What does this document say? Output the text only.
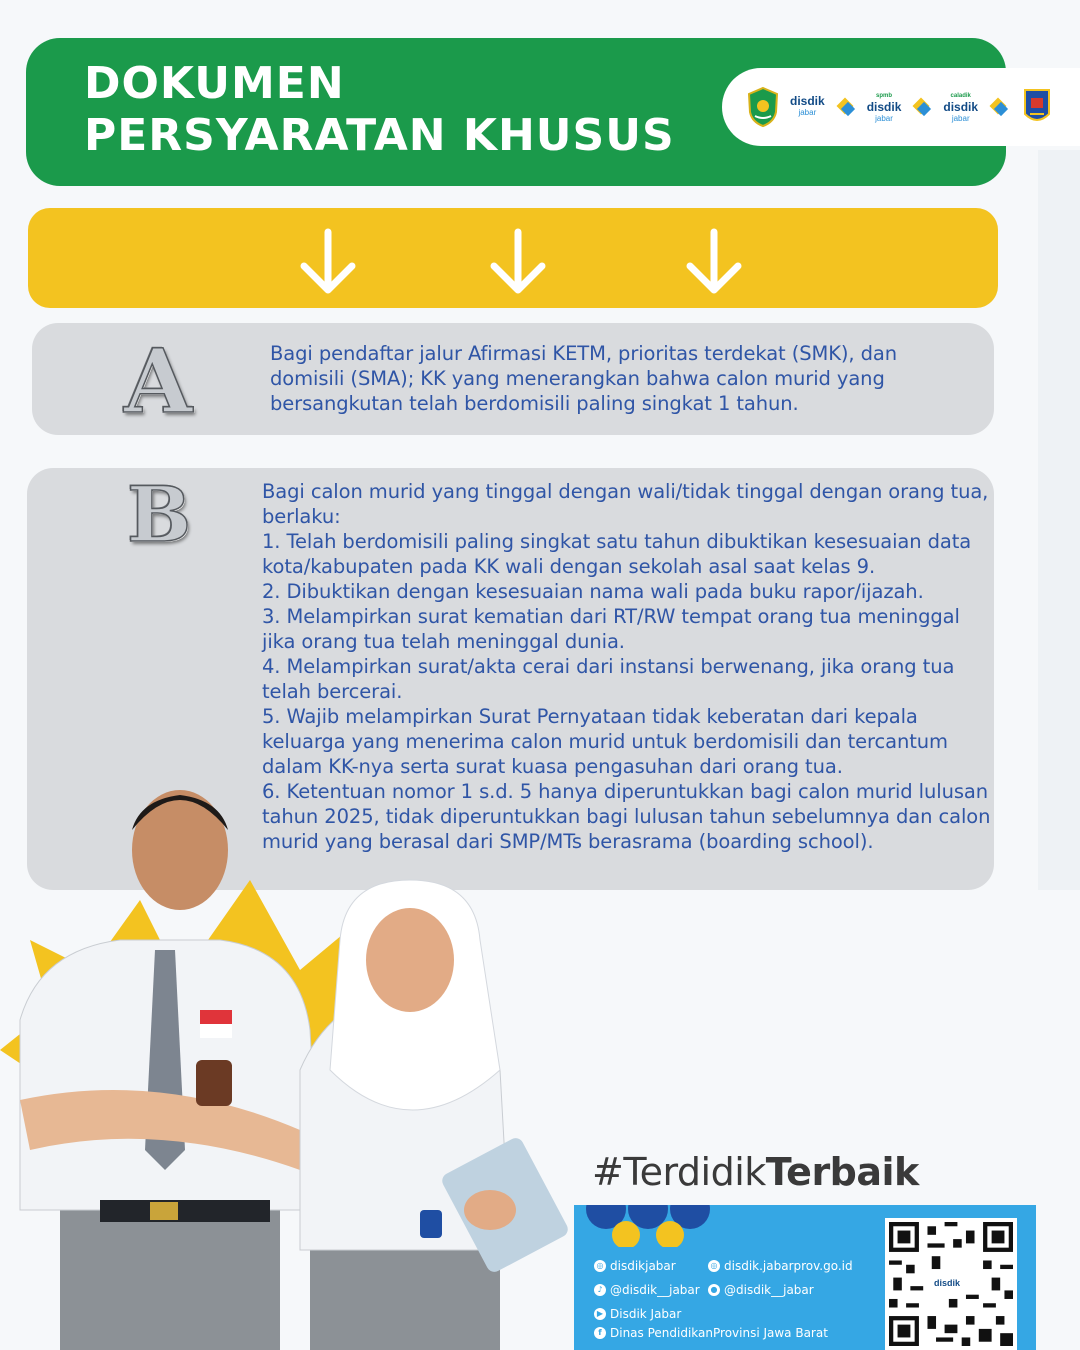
DOKUMEN
PERSYARATAN KHUSUS
disdik
jabar
spmb
disdik
jabar
caladik
disdik
jabar
A	Bagi pendaftar jalur Afirmasi KETM, prioritas terdekat (SMK), dan domisili (SMA); KK yang menerangkan bahwa calon murid yang bersangkutan telah berdomisili paling singkat 1 tahun.

B	Bagi calon murid yang tinggal dengan wali/tidak tinggal dengan orang tua, berlaku:
1. Telah berdomisili paling singkat satu tahun dibuktikan kesesuaian data kota/kabupaten pada KK wali dengan sekolah asal saat kelas 9.
2. Dibuktikan dengan kesesuaian nama wali pada buku rapor/ijazah.
3. Melampirkan surat kematian dari RT/RW tempat orang tua meninggal jika orang tua telah meninggal dunia.
4. Melampirkan surat/akta cerai dari instansi berwenang, jika orang tua telah bercerai.
5. Wajib melampirkan Surat Pernyataan tidak keberatan dari kepala keluarga yang menerima calon murid untuk berdomisili dan tercantum dalam KK-nya serta surat kuasa pengasuhan dari orang tua.
6. Ketentuan nomor 1 s.d. 5 hanya diperuntukkan bagi calon murid lulusan tahun 2025, tidak diperuntukkan bagi lulusan tahun sebelumnya dan calon murid yang berasal dari SMP/MTs berasrama (boarding school).
#TerdidikTerbaik
◎ disdikjabar	◎ disdik.jabarprov.go.id
♪ @disdik__jabar	● @disdik__jabar
▶ Disdik Jabar
f Dinas PendidikanProvinsi Jawa Barat
disdik
